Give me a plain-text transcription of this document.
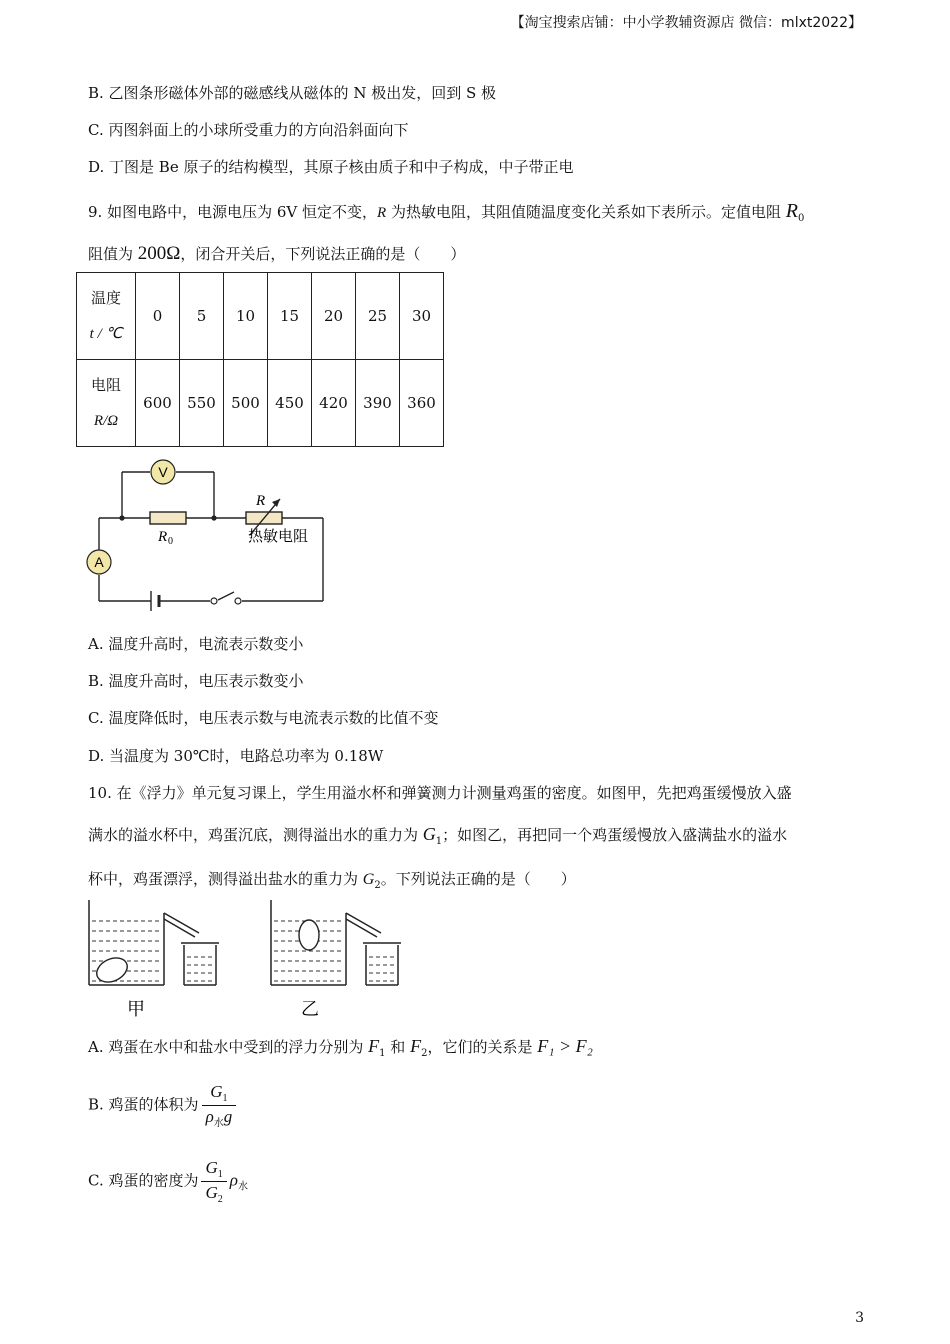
【淘宝搜索店铺：中小学教辅资源店 微信：mlxt2022】
B. 乙图条形磁体外部的磁感线从磁体的 N 极出发，回到 S 极
C. 丙图斜面上的小球所受重力的方向沿斜面向下
D. 丁图是 Be 原子的结构模型，其原子核由质子和中子构成，中子带正电
9. 如图电路中，电源电压为 6V 恒定不变，R 为热敏电阻，其阻值随温度变化关系如下表所示。定值电阻 $R_0$
阻值为 200Ω，闭合开关后，下列说法正确的是（　　）
温度
t / ℃	0	5	10	15	20	25	30

电阻
R/Ω	600	550	500	450	420	390	360
V
A
R 0
R
热敏电阻
A. 温度升高时，电流表示数变小
B. 温度升高时，电压表示数变小
C. 温度降低时，电压表示数与电流表示数的比值不变
D. 当温度为 30℃时，电路总功率为 0.18W
10. 在《浮力》单元复习课上，学生用溢水杯和弹簧测力计测量鸡蛋的密度。如图甲，先把鸡蛋缓慢放入盛
满水的溢水杯中，鸡蛋沉底，测得溢出水的重力为 $G_1$；如图乙，再把同一个鸡蛋缓慢放入盛满盐水的溢水
杯中，鸡蛋漂浮，测得溢出盐水的重力为 $G_2$。下列说法正确的是（　　）
甲	乙
A. 鸡蛋在水中和盐水中受到的浮力分别为 $F_1$ 和 $F_2$，它们的关系是 F₁ > F₂
B. 鸡蛋的体积为 $\frac{G_1}{\rho_水g}$
C. 鸡蛋的密度为 $\frac{G_1}{G_2} \rho_水$
3
